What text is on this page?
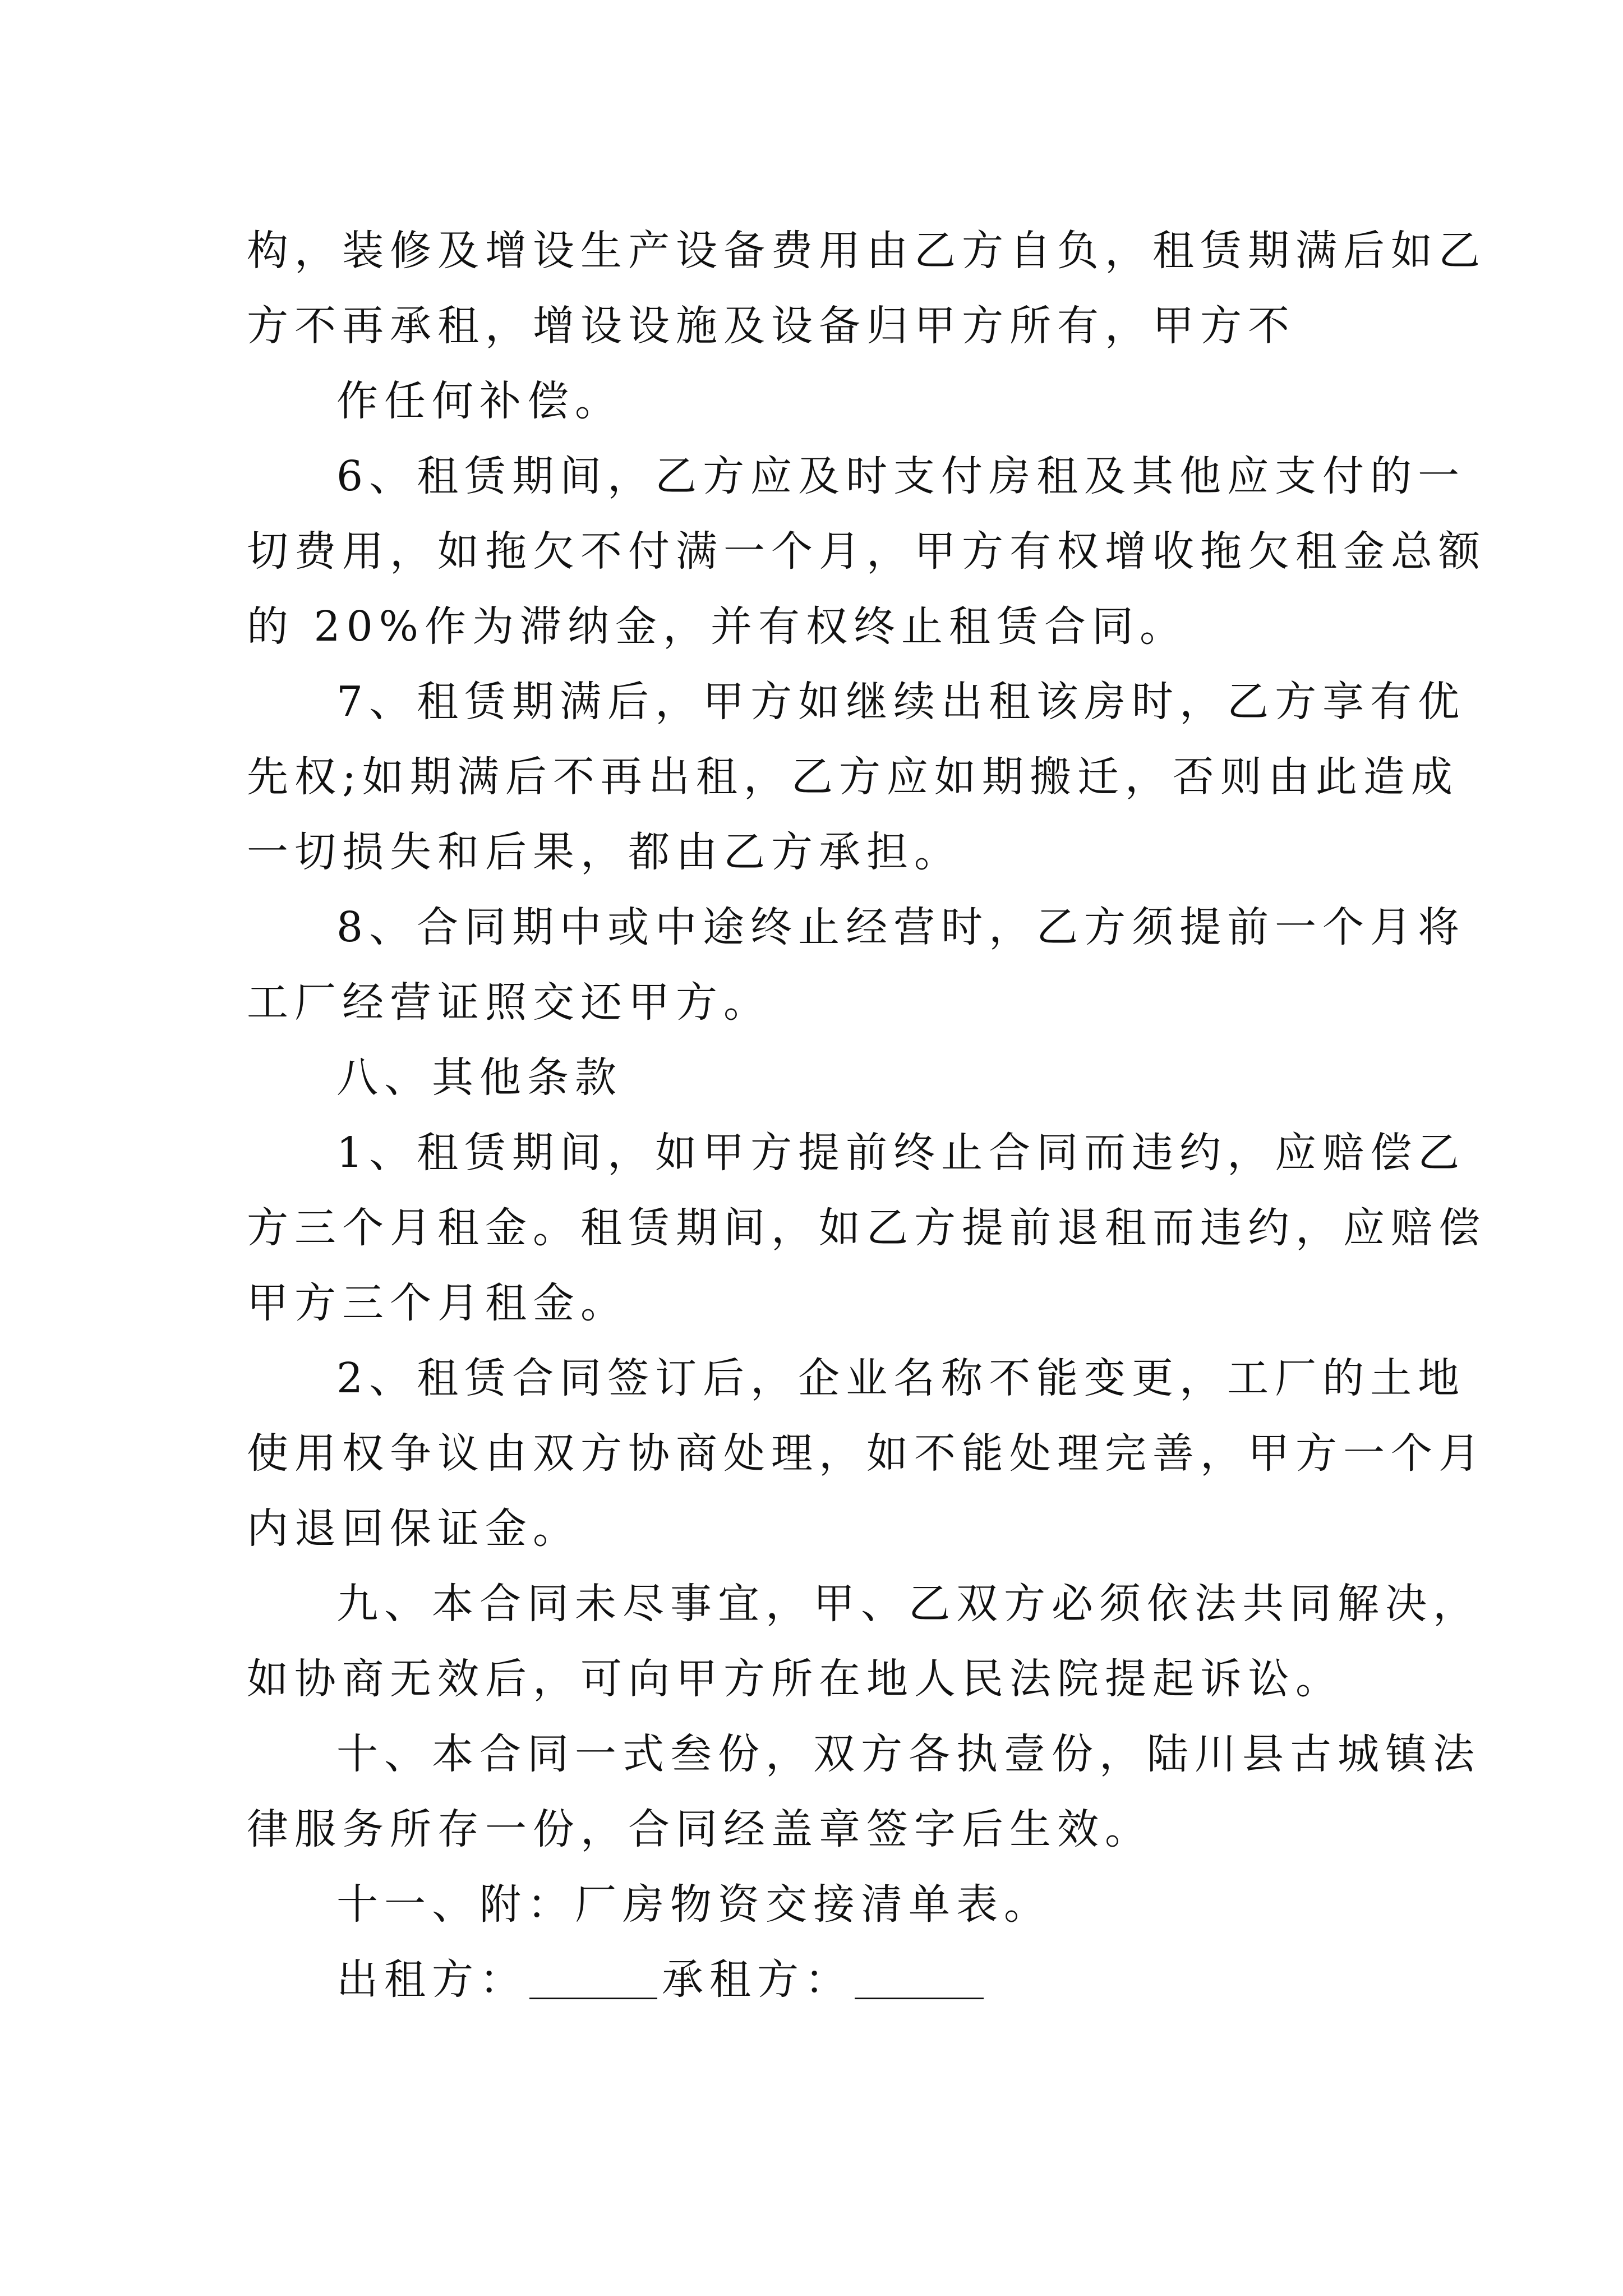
构，装修及增设生产设备费用由乙方自负，租赁期满后如乙
方不再承租，增设设施及设备归甲方所有，甲方不
作任何补偿。
6、租赁期间，乙方应及时支付房租及其他应支付的一
切费用，如拖欠不付满一个月，甲方有权增收拖欠租金总额
的 20%作为滞纳金，并有权终止租赁合同。
7、租赁期满后，甲方如继续出租该房时，乙方享有优
先权;如期满后不再出租，乙方应如期搬迁，否则由此造成
一切损失和后果，都由乙方承担。
8、合同期中或中途终止经营时，乙方须提前一个月将
工厂经营证照交还甲方。
八、其他条款
1、租赁期间，如甲方提前终止合同而违约，应赔偿乙
方三个月租金。租赁期间，如乙方提前退租而违约，应赔偿
甲方三个月租金。
2、租赁合同签订后，企业名称不能变更，工厂的土地
使用权争议由双方协商处理，如不能处理完善，甲方一个月
内退回保证金。
九、本合同未尽事宜，甲、乙双方必须依法共同解决，
如协商无效后，可向甲方所在地人民法院提起诉讼。
十、本合同一式叁份，双方各执壹份，陆川县古城镇法
律服务所存一份，合同经盖章签字后生效。
十一、附：厂房物资交接清单表。
出租方：	承租方：
